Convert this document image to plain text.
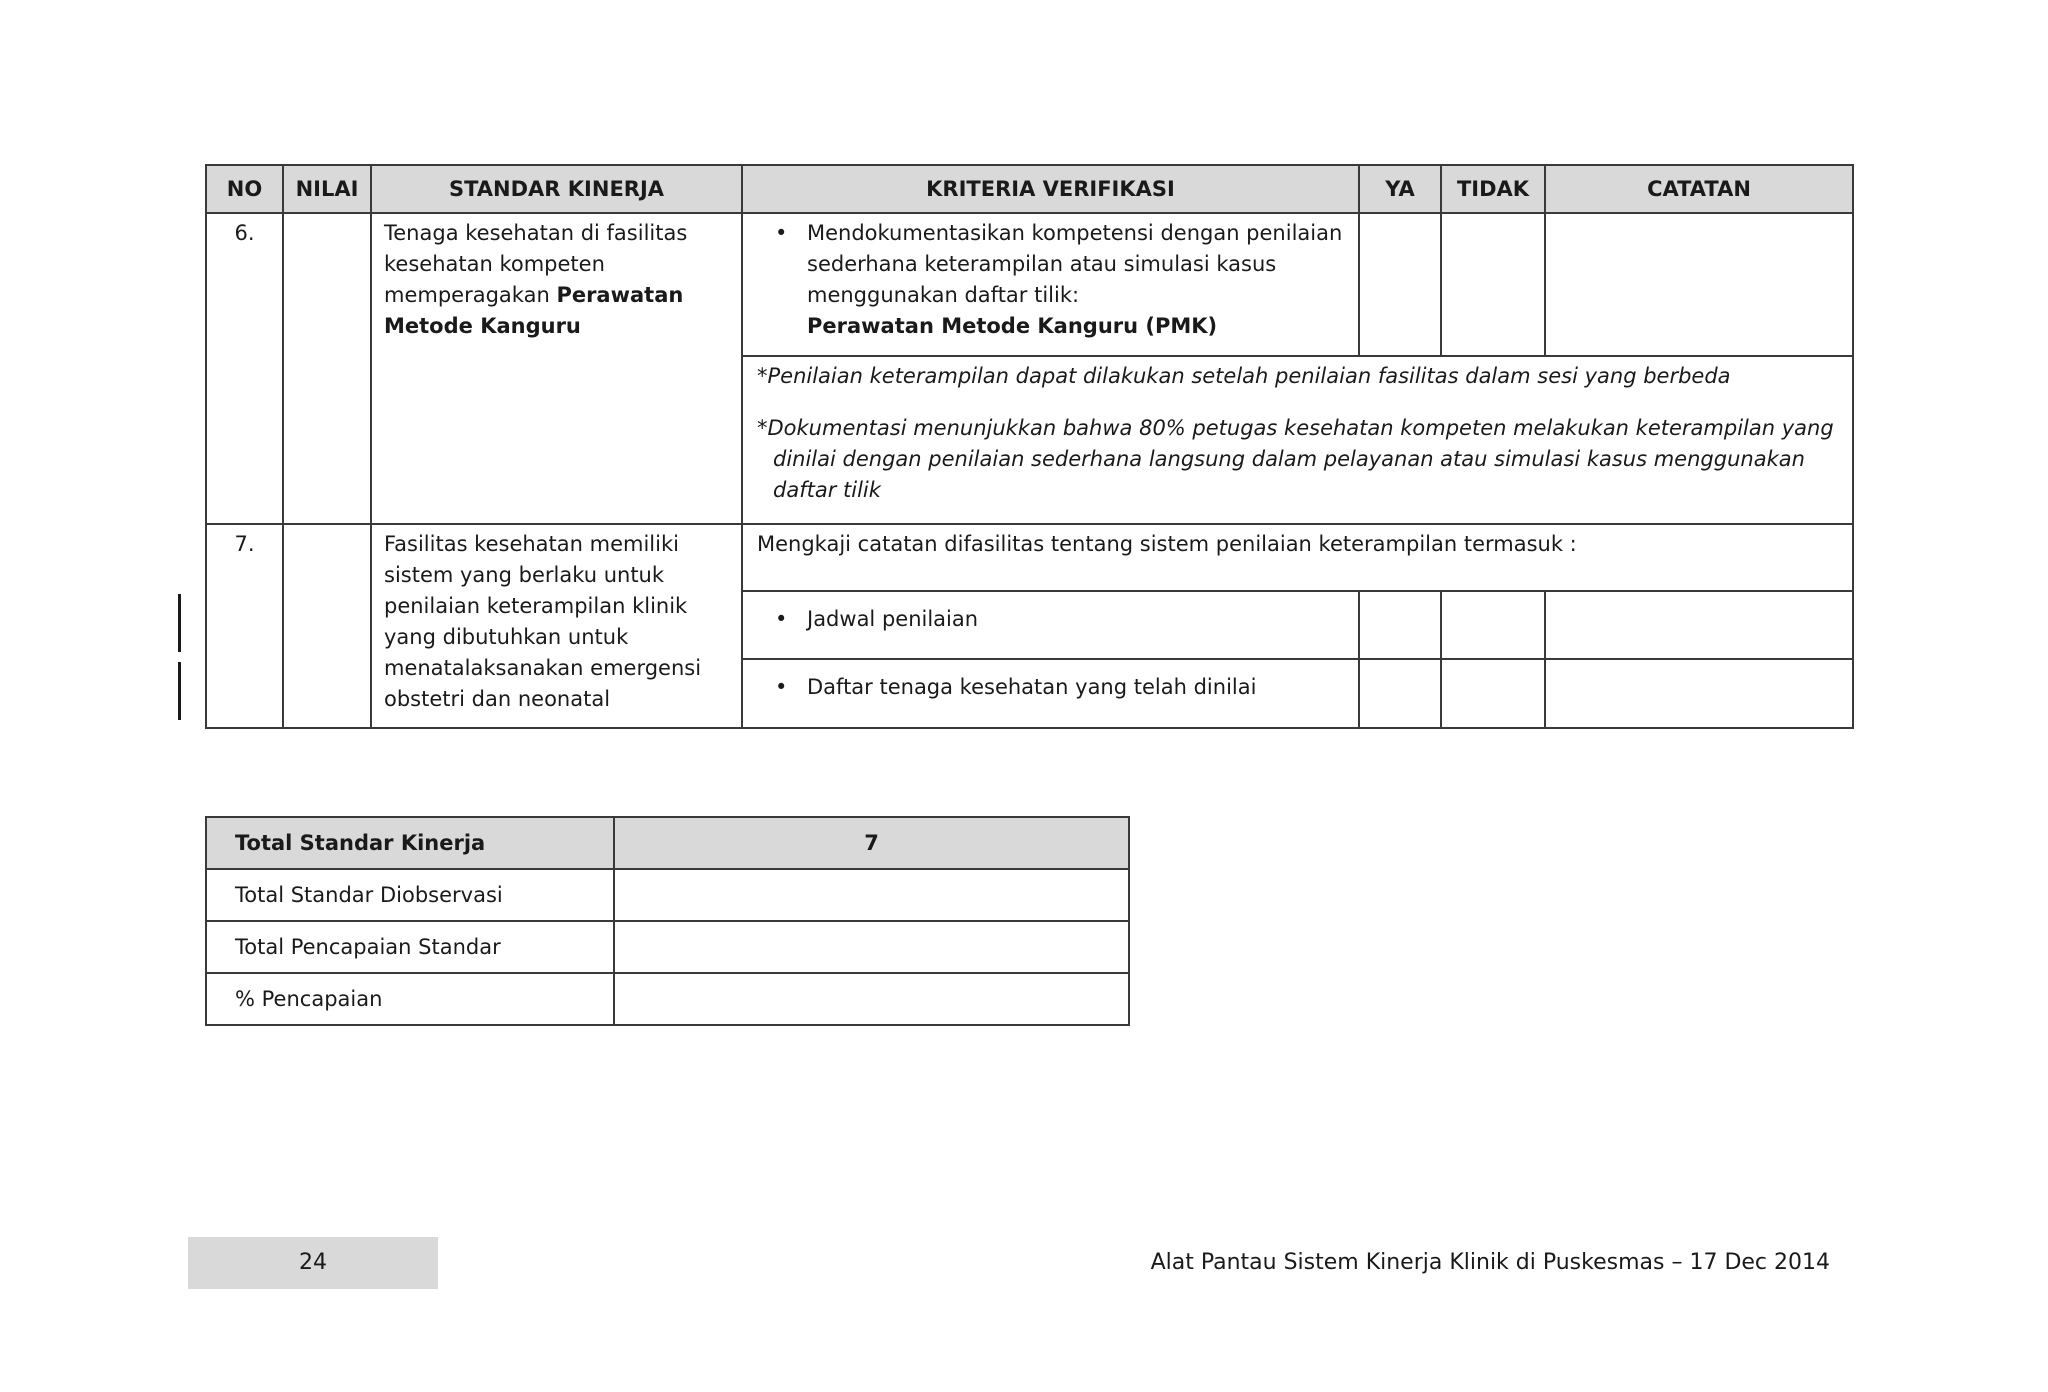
NO	NILAI	STANDAR KINERJA	KRITERIA VERIFIKASI	YA	TIDAK	CATATAN
6.		Tenaga kesehatan di fasilitas kesehatan kompeten memperagakan Perawatan Metode Kanguru	• Mendokumentasikan kompetensi dengan penilaian sederhana keterampilan atau simulasi kasus menggunakan daftar tilik:
Perawatan Metode Kanguru (PMK)			

			*Penilaian keterampilan dapat dilakukan setelah penilaian fasilitas dalam sesi yang berbeda

*Dokumentasi menunjukkan bahwa 80% petugas kesehatan kompeten melakukan keterampilan yang dinilai dengan penilaian sederhana langsung dalam pelayanan atau simulasi kasus menggunakan daftar tilik			

7.		Fasilitas kesehatan memiliki sistem yang berlaku untuk penilaian keterampilan klinik yang dibutuhkan untuk menatalaksanakan emergensi obstetri dan neonatal	Mengkaji catatan difasilitas tentang sistem penilaian keterampilan termasuk :			

			• Jadwal penilaian			

			• Daftar tenaga kesehatan yang telah dinilai			

Total Standar Kinerja	7
Total Standar Diobservasi	
Total Pencapaian Standar	
% Pencapaian	
24	Alat Pantau Sistem Kinerja Klinik di Puskesmas – 17 Dec 2014
